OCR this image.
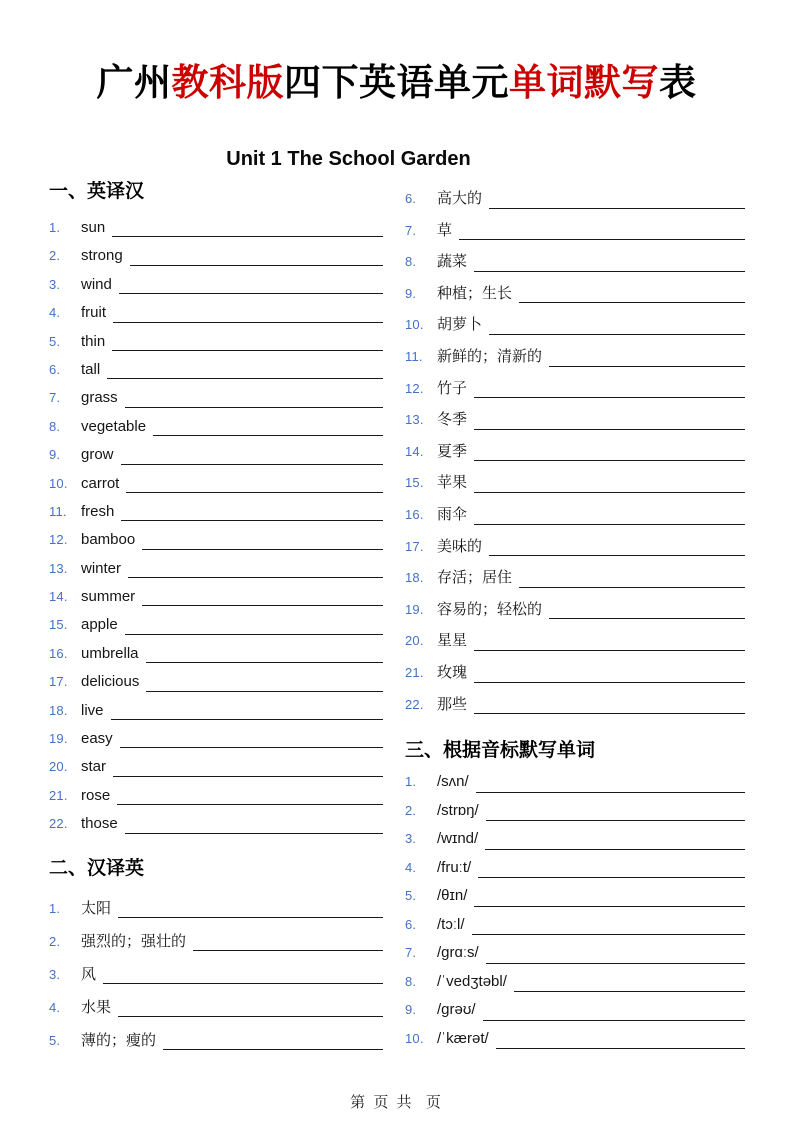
广州教科版四下英语单元单词默写表
Unit 1 The School Garden
一、英译汉
1.	sun
2.	strong
3.	wind
4.	fruit
5.	thin
6.	tall
7.	grass
8.	vegetable
9.	grow
10. carrot
11. fresh
12. bamboo
13. winter
14. summer
15. apple
16. umbrella
17. delicious
18. live
19. easy
20. star
21. rose
22. those
二、汉译英
1.	太阳
2.	强烈的；强壮的
3.	风
4.	水果
5.	薄的；瘦的
6.	高大的
7.	草
8.	蔬菜
9.	种植；生长
10. 胡萝卜
11. 新鲜的；清新的
12. 竹子
13. 冬季
14. 夏季
15. 苹果
16. 雨伞
17. 美味的
18. 存活；居住
19. 容易的；轻松的
20. 星星
21. 玫瑰
22. 那些
三、根据音标默写单词
1.	/sʌn/
2.	/strɒŋ/
3.	/wɪnd/
4.	/fruːt/
5.	/θɪn/
6.	/tɔːl/
7.	/grɑːs/
8.	/ˈvedʒtəbl/
9.	/grəʊ/
10. /ˈkærət/
第 页 共  页
